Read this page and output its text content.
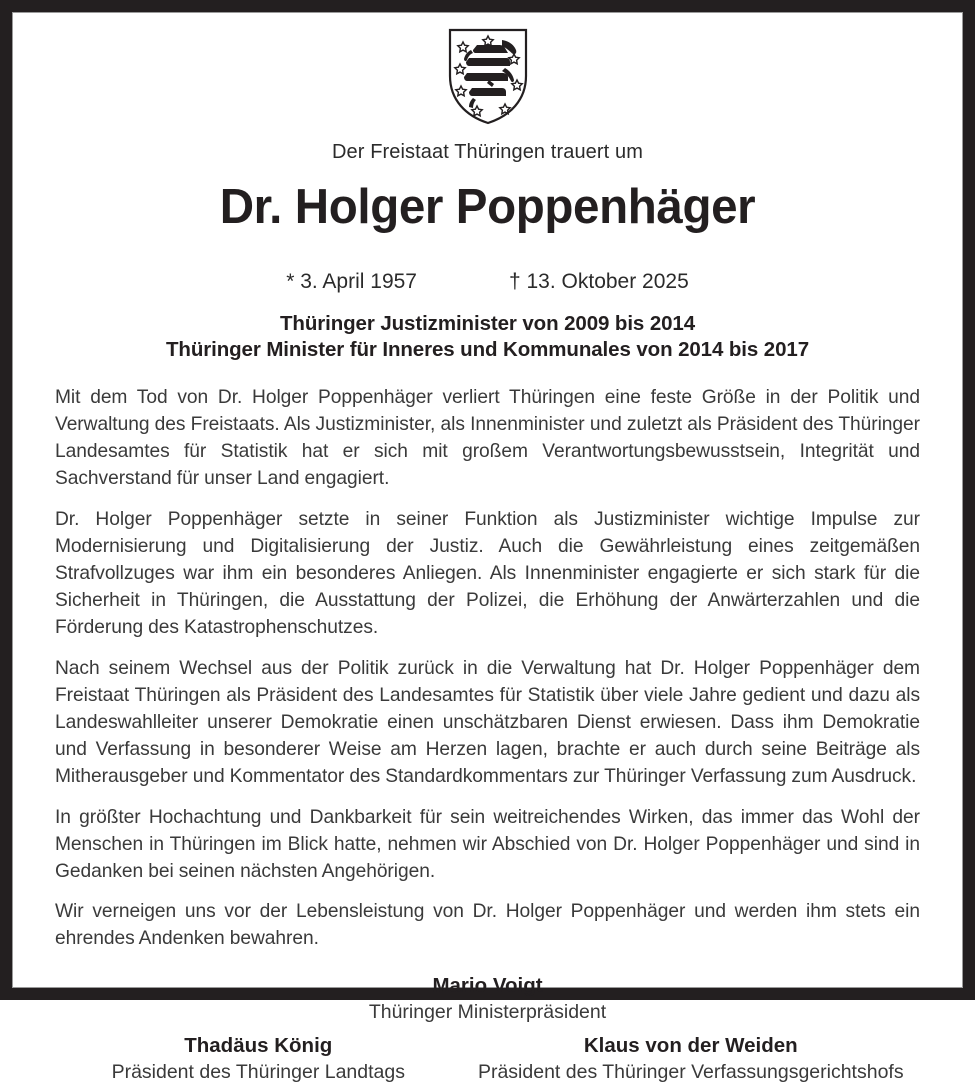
Der Freistaat Thüringen trauert um
Dr. Holger Poppenhäger
* 3. April 1957	† 13. Oktober 2025
Thüringer Justizminister von 2009 bis 2014
Thüringer Minister für Inneres und Kommunales von 2014 bis 2017

Mit dem Tod von Dr. Holger Poppenhäger verliert Thüringen eine feste Größe in der Politik und Verwaltung des Freistaats. Als Justizminister, als Innenminister und zuletzt als Präsident des Thüringer Landesamtes für Statistik hat er sich mit großem Verantwortungsbewusstsein, Integrität und Sachverstand für unser Land engagiert.

Dr. Holger Poppenhäger setzte in seiner Funktion als Justizminister wichtige Impulse zur Modernisierung und Digitalisierung der Justiz. Auch die Gewährleistung eines zeitgemäßen Strafvollzuges war ihm ein besonderes Anliegen. Als Innenminister engagierte er sich stark für die Sicherheit in Thüringen, die Ausstattung der Polizei, die Erhöhung der Anwärterzahlen und die Förderung des Katastrophenschutzes.

Nach seinem Wechsel aus der Politik zurück in die Verwaltung hat Dr. Holger Poppenhäger dem Freistaat Thüringen als Präsident des Landesamtes für Statistik über viele Jahre gedient und dazu als Landeswahlleiter unserer Demokratie einen unschätzbaren Dienst erwiesen. Dass ihm Demokratie und Verfassung in besonderer Weise am Herzen lagen, brachte er auch durch seine Beiträge als Mitherausgeber und Kommentator des Standardkommentars zur Thüringer Verfassung zum Ausdruck.

In größter Hochachtung und Dankbarkeit für sein weitreichendes Wirken, das immer das Wohl der Menschen in Thüringen im Blick hatte, nehmen wir Abschied von Dr. Holger Poppenhäger und sind in Gedanken bei seinen nächsten Angehörigen.

Wir verneigen uns vor der Lebensleistung von Dr. Holger Poppenhäger und werden ihm stets ein ehrendes Andenken bewahren.

Mario Voigt
Thüringer Ministerpräsident
Thadäus König
Präsident des Thüringer Landtags
Klaus von der Weiden
Präsident des Thüringer Verfassungsgerichtshofs
